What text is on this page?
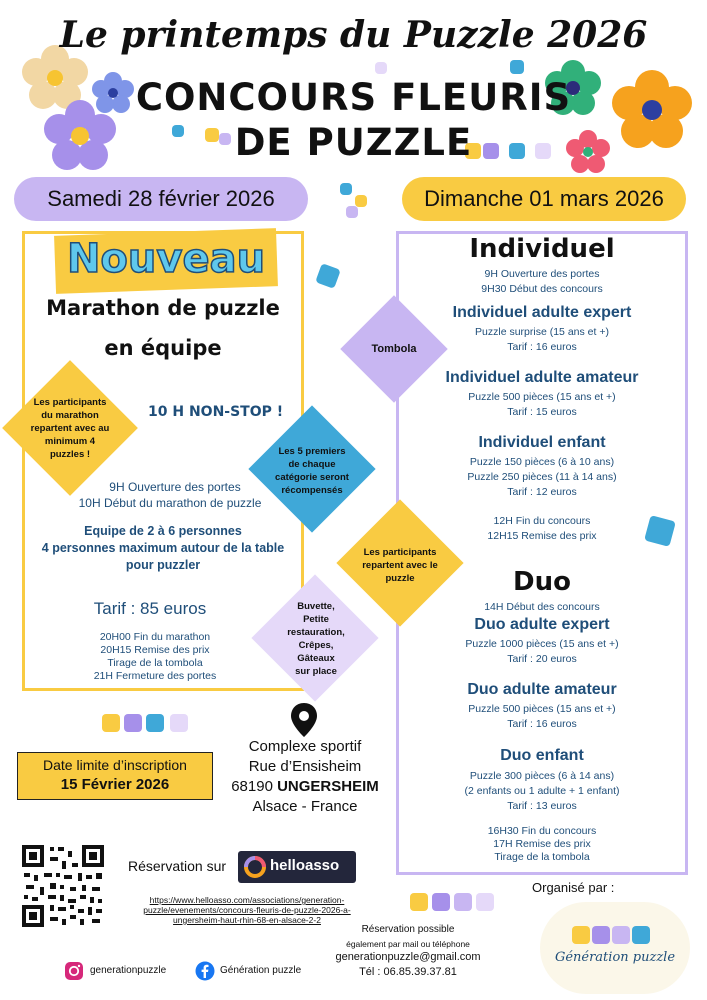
Le printemps du Puzzle 2026
CONCOURS FLEURIS
DE PUZZLE
Samedi 28 février 2026	Dimanche 01 mars 2026
Nouveau
Marathon de puzzle
en équipe
10 H NON-STOP !
9H Ouverture des portes
10H Début du marathon de puzzle
Equipe de 2 à 6 personnes
4 personnes maximum autour de la table
pour puzzler
Tarif : 85 euros
20H00 Fin du marathon
20H15 Remise des prix
Tirage de la tombola
21H Fermeture des portes
Individuel
9H Ouverture des portes
9H30 Début des concours
Individuel adulte expert
Puzzle surprise (15 ans et +)
Tarif : 16 euros
Individuel adulte amateur
Puzzle 500 pièces (15 ans et +)
Tarif : 15 euros
Individuel enfant
Puzzle 150 pièces (6 à 10 ans)
Puzzle 250 pièces (11 à 14 ans)
Tarif : 12 euros
12H Fin du concours
12H15 Remise des prix
Duo
14H Début des concours
Duo adulte expert
Puzzle 1000 pièces (15 ans et +)
Tarif : 20 euros
Duo adulte amateur
Puzzle 500 pièces (15 ans et +)
Tarif : 16 euros
Duo enfant
Puzzle 300 pièces (6 à 14 ans)
(2 enfants ou 1 adulte + 1 enfant)
Tarif : 13 euros
16H30 Fin du concours
17H Remise des prix
Tirage de la tombola
Les participants
du marathon
repartent avec au
minimum 4
puzzles !
Tombola
Les 5 premiers
de chaque
catégorie seront
récompensés
Les participants
repartent avec le
puzzle
Buvette,
Petite
restauration,
Crêpes,
Gâteaux
sur place
Date limite d’inscription
15 Février 2026
Complexe sportif
Rue d’Ensisheim
68190 UNGERSHEIM
Alsace - France
Réservation sur	helloasso
https://www.helloasso.com/associations/generation-
puzzle/evenements/concours-fleuris-de-puzzle-2026-a-
ungersheim-haut-rhin-68-en-alsace-2-2
Réservation possible
également par mail ou téléphone
generationpuzzle@gmail.com
Tél : 06.85.39.37.81
Organisé par :
Génération puzzle
generationpuzzle	Génération puzzle
